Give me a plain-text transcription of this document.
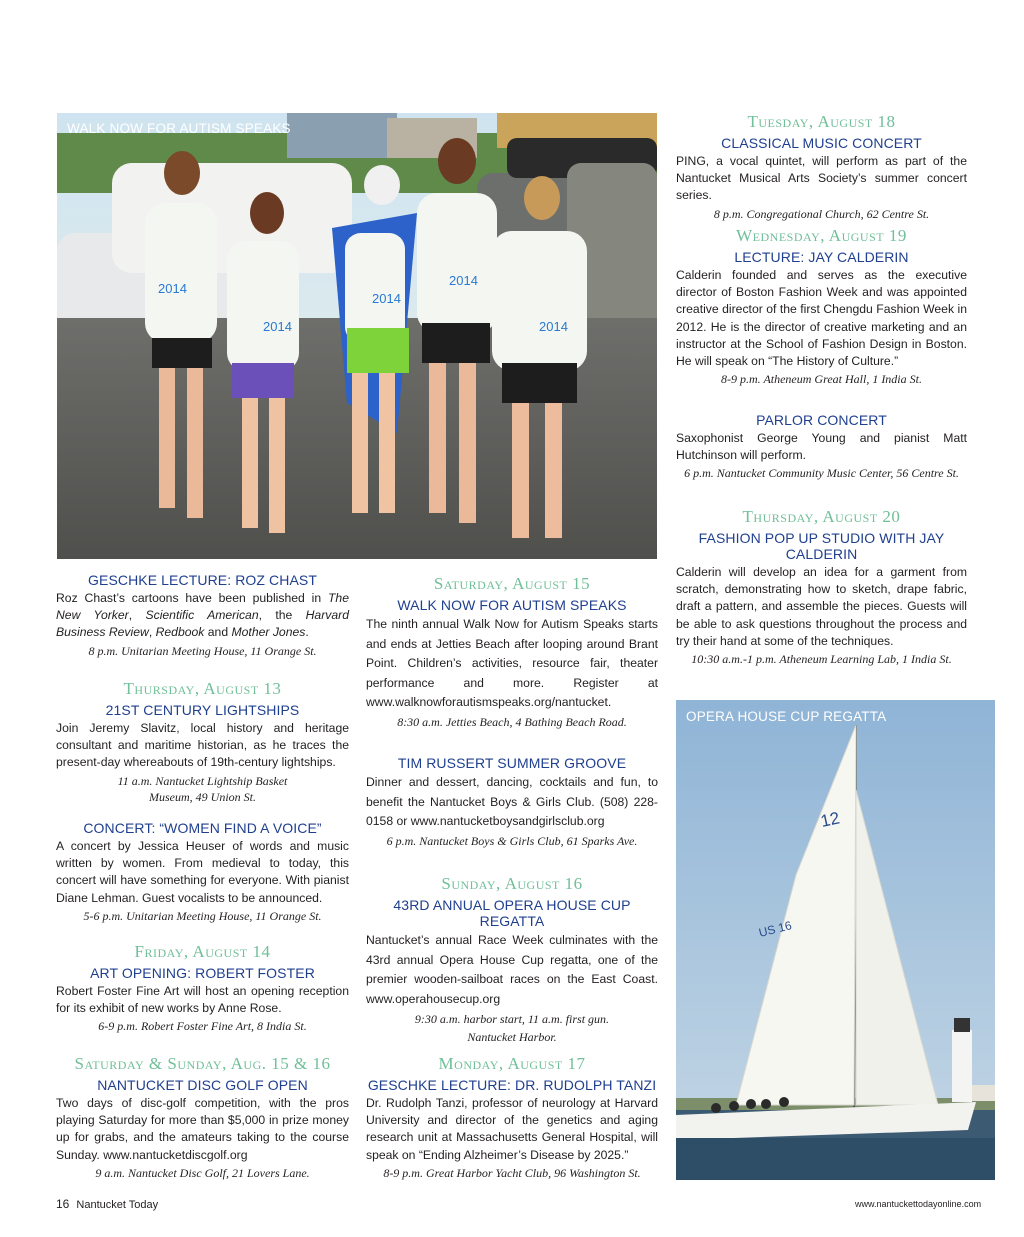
2014
2014
2014
2014
2014
WALK NOW FOR AUTISM SPEAKS
12
US 16
OPERA HOUSE CUP REGATTA
GESCHKE LECTURE: ROZ CHAST

Roz Chast’s cartoons have been published in The New Yorker, Scientific American, the Harvard Business Review, Redbook and Mother Jones.

8 p.m. Unitarian Meeting House, 11 Orange St.
Thursday, August 13
21ST CENTURY LIGHTSHIPS

Join Jeremy Slavitz, local history and heritage consultant and maritime historian, as he traces the present-day whereabouts of 19th-century lightships.

11 a.m. Nantucket Lightship Basket Museum, 49 Union St.
CONCERT: “WOMEN FIND A VOICE”

A concert by Jessica Heuser of words and music written by women. From medieval to today, this concert will have something for everyone. With pianist Diane Lehman. Guest vocalists to be announced.

5-6 p.m. Unitarian Meeting House, 11 Orange St.
Friday, August 14
ART OPENING: ROBERT FOSTER

Robert Foster Fine Art will host an opening reception for its exhibit of new works by Anne Rose.

6-9 p.m. Robert Foster Fine Art, 8 India St.
Saturday & Sunday, Aug. 15 & 16
NANTUCKET DISC GOLF OPEN

Two days of disc-golf competition, with the pros playing Saturday for more than $5,000 in prize money up for grabs, and the amateurs taking to the course Sunday. www.nantucketdiscgolf.org

9 a.m. Nantucket Disc Golf, 21 Lovers Lane.
Saturday, August 15
WALK NOW FOR AUTISM SPEAKS

The ninth annual Walk Now for Autism Speaks starts and ends at Jetties Beach after looping around Brant Point. Children’s activities, resource fair, theater performance and more. Register at www.walknowforautismspeaks.org/nantucket.

8:30 a.m. Jetties Beach, 4 Bathing Beach Road.
TIM RUSSERT SUMMER GROOVE

Dinner and dessert, dancing, cocktails and fun, to benefit the Nantucket Boys & Girls Club. (508) 228-0158 or www.nantucketboysandgirlsclub.org

6 p.m. Nantucket Boys & Girls Club, 61 Sparks Ave.
Sunday, August 16
43RD ANNUAL OPERA HOUSE CUP REGATTA

Nantucket’s annual Race Week culminates with the 43rd annual Opera House Cup regatta, one of the premier wooden-sailboat races on the East Coast. www.operahousecup.org

9:30 a.m. harbor start, 11 a.m. first gun. Nantucket Harbor.
Monday, August 17
GESCHKE LECTURE: DR. RUDOLPH TANZI

Dr. Rudolph Tanzi, professor of neurology at Harvard University and director of the genetics and aging research unit at Massachusetts General Hospital, will speak on “Ending Alzheimer’s Disease by 2025.”

8-9 p.m. Great Harbor Yacht Club, 96 Washington St.
Tuesday, August 18
CLASSICAL MUSIC CONCERT

PING, a vocal quintet, will perform as part of the Nantucket Musical Arts Society’s summer concert series.

8 p.m. Congregational Church, 62 Centre St.
Wednesday, August 19
LECTURE: JAY CALDERIN

Calderin founded and serves as the executive director of Boston Fashion Week and was appointed creative director of the first Chengdu Fashion Week in 2012. He is the director of creative marketing and an instructor at the School of Fashion Design in Boston. He will speak on “The History of Culture.”

8-9 p.m. Atheneum Great Hall, 1 India St.
PARLOR CONCERT

Saxophonist George Young and pianist Matt Hutchinson will perform.

6 p.m. Nantucket Community Music Center, 56 Centre St.
Thursday, August 20
FASHION POP UP STUDIO WITH JAY CALDERIN

Calderin will develop an idea for a garment from scratch, demonstrating how to sketch, drape fabric, draft a pattern, and assemble the pieces. Guests will be able to ask questions throughout the process and try their hand at some of the techniques.

10:30 a.m.-1 p.m. Atheneum Learning Lab, 1 India St.
16 Nantucket Today	www.nantuckettodayonline.com
